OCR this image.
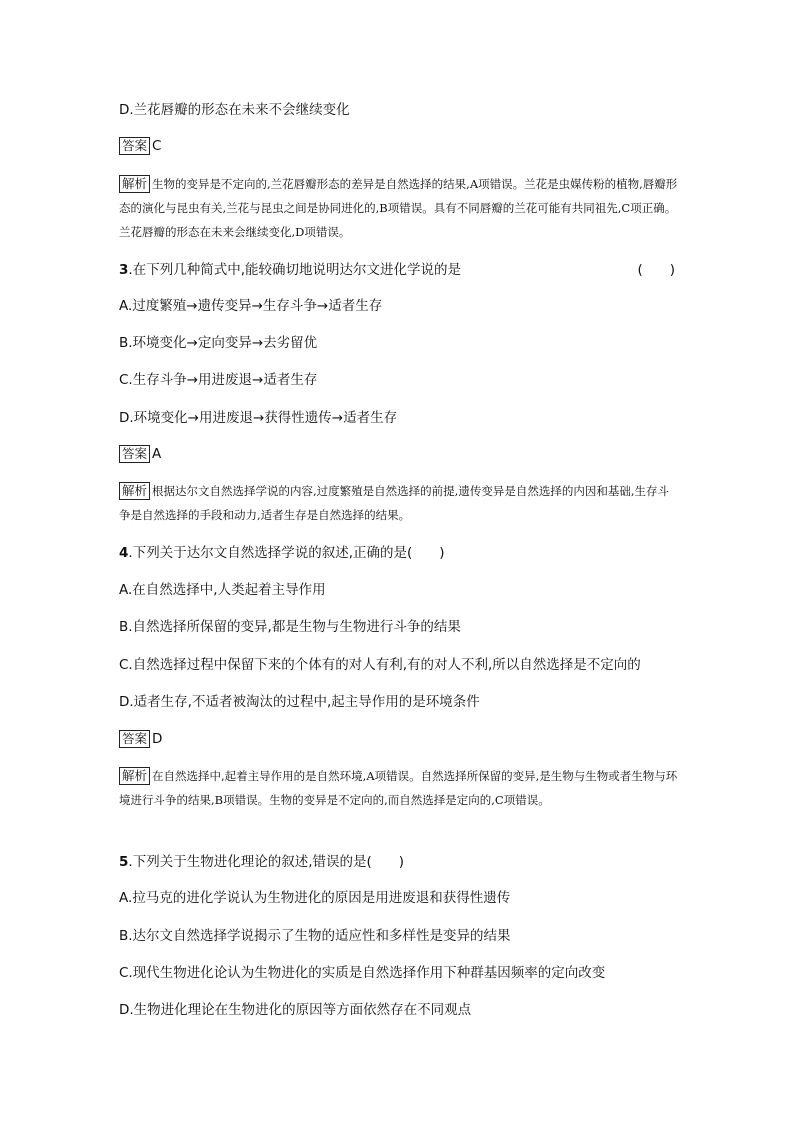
D.兰花唇瓣的形态在未来不会继续变化
答案 C
解析 生物的变异是不定向的,兰花唇瓣形态的差异是自然选择的结果,A项错误。兰花是虫媒传粉的植物,唇瓣形态的演化与昆虫有关,兰花与昆虫之间是协同进化的,B项错误。具有不同唇瓣的兰花可能有共同祖先,C项正确。兰花唇瓣的形态在未来会继续变化,D项错误。
3.在下列几种简式中,能较确切地说明达尔文进化学说的是	(　　)
A.过度繁殖→遗传变异→生存斗争→适者生存
B.环境变化→定向变异→去劣留优
C.生存斗争→用进废退→适者生存
D.环境变化→用进废退→获得性遗传→适者生存
答案 A
解析 根据达尔文自然选择学说的内容,过度繁殖是自然选择的前提,遗传变异是自然选择的内因和基础,生存斗争是自然选择的手段和动力,适者生存是自然选择的结果。
4.下列关于达尔文自然选择学说的叙述,正确的是(　　)
A.在自然选择中,人类起着主导作用
B.自然选择所保留的变异,都是生物与生物进行斗争的结果
C.自然选择过程中保留下来的个体有的对人有利,有的对人不利,所以自然选择是不定向的
D.适者生存,不适者被淘汰的过程中,起主导作用的是环境条件
答案 D
解析 在自然选择中,起着主导作用的是自然环境,A项错误。自然选择所保留的变异,是生物与生物或者生物与环境进行斗争的结果,B项错误。生物的变异是不定向的,而自然选择是定向的,C项错误。
5.下列关于生物进化理论的叙述,错误的是(　　)
A.拉马克的进化学说认为生物进化的原因是用进废退和获得性遗传
B.达尔文自然选择学说揭示了生物的适应性和多样性是变异的结果
C.现代生物进化论认为生物进化的实质是自然选择作用下种群基因频率的定向改变
D.生物进化理论在生物进化的原因等方面依然存在不同观点
